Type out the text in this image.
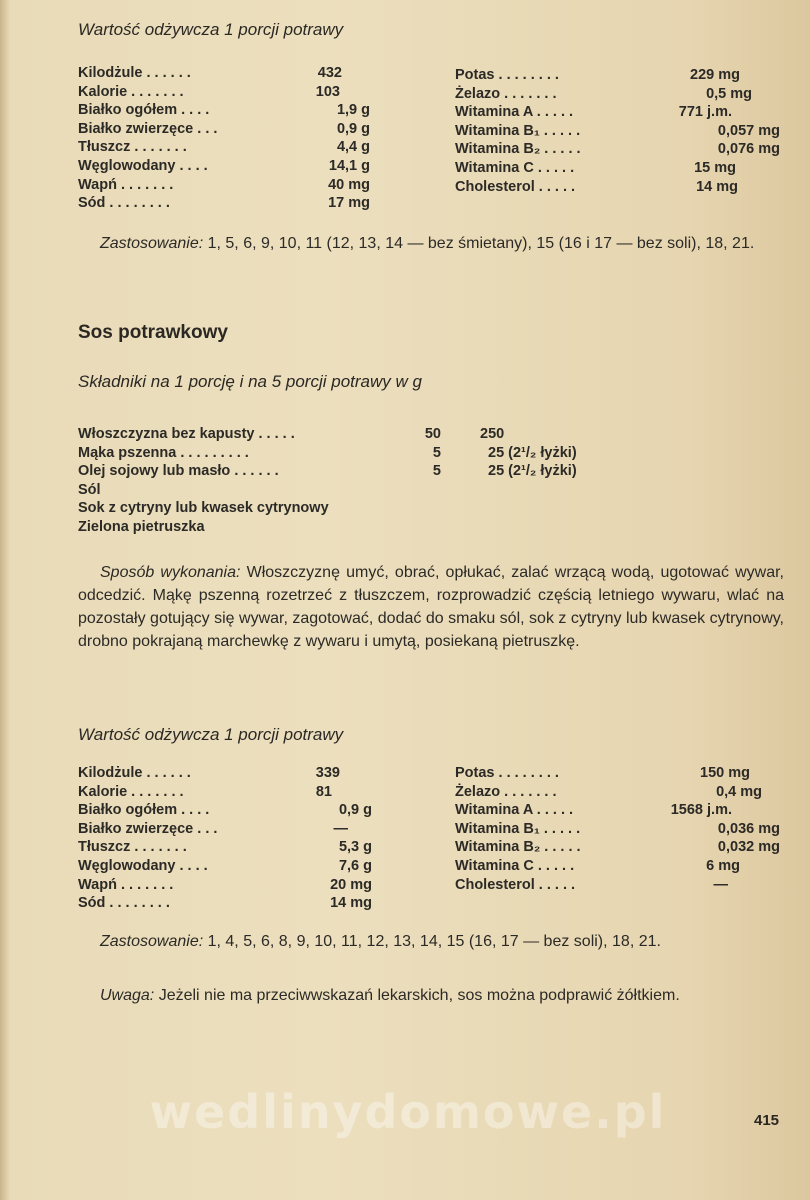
Wartość odżywcza 1 porcji potrawy
Kilodżule . . . . . .	432
Kalorie . . . . . . .	103
Białko ogółem . . . .	1,9 g
Białko zwierzęce . . .	0,9 g
Tłuszcz . . . . . . .	4,4 g
Węglowodany . . . .	14,1 g
Wapń . . . . . . .	40 mg
Sód . . . . . . . .	17 mg
Potas . . . . . . . .	229 mg
Żelazo . . . . . . .	0,5 mg
Witamina A . . . . .	771 j.m.
Witamina B₁ . . . . .	0,057 mg
Witamina B₂ . . . . .	0,076 mg
Witamina C . . . . .	15 mg
Cholesterol . . . . .	14 mg
Zastosowanie: 1, 5, 6, 9, 10, 11 (12, 13, 14 — bez śmietany), 15 (16 i 17 — bez soli), 18, 21.
Sos potrawkowy
Składniki na 1 porcję i na 5 porcji potrawy w g
Włoszczyzna bez kapusty . . . . .	50	250
Mąka pszenna . . . . . . . . .	5	25 (2¹/₂ łyżki)
Olej sojowy lub masło . . . . . .	5	25 (2¹/₂ łyżki)
Sól
Sok z cytryny lub kwasek cytrynowy
Zielona pietruszka
Sposób wykonania: Włoszczyznę umyć, obrać, opłukać, zalać wrzącą wodą, ugotować wywar, odcedzić. Mąkę pszenną rozetrzeć z tłuszczem, rozprowadzić częścią letniego wywaru, wlać na pozostały gotujący się wywar, zagotować, dodać do smaku sól, sok z cytryny lub kwasek cytrynowy, drobno pokrajaną marchewkę z wywaru i umytą, posiekaną pietruszkę.
Wartość odżywcza 1 porcji potrawy
Kilodżule . . . . . .	339
Kalorie . . . . . . .	81
Białko ogółem . . . .	0,9 g
Białko zwierzęce . . .	—
Tłuszcz . . . . . . .	5,3 g
Węglowodany . . . .	7,6 g
Wapń . . . . . . .	20 mg
Sód . . . . . . . .	14 mg
Potas . . . . . . . .	150 mg
Żelazo . . . . . . .	0,4 mg
Witamina A . . . . .	1568 j.m.
Witamina B₁ . . . . .	0,036 mg
Witamina B₂ . . . . .	0,032 mg
Witamina C . . . . .	6 mg
Cholesterol . . . . .	—
Zastosowanie: 1, 4, 5, 6, 8, 9, 10, 11, 12, 13, 14, 15 (16, 17 — bez soli), 18, 21.
Uwaga: Jeżeli nie ma przeciwwskazań lekarskich, sos można podprawić żółtkiem.
wedlinydomowe.pl	415
